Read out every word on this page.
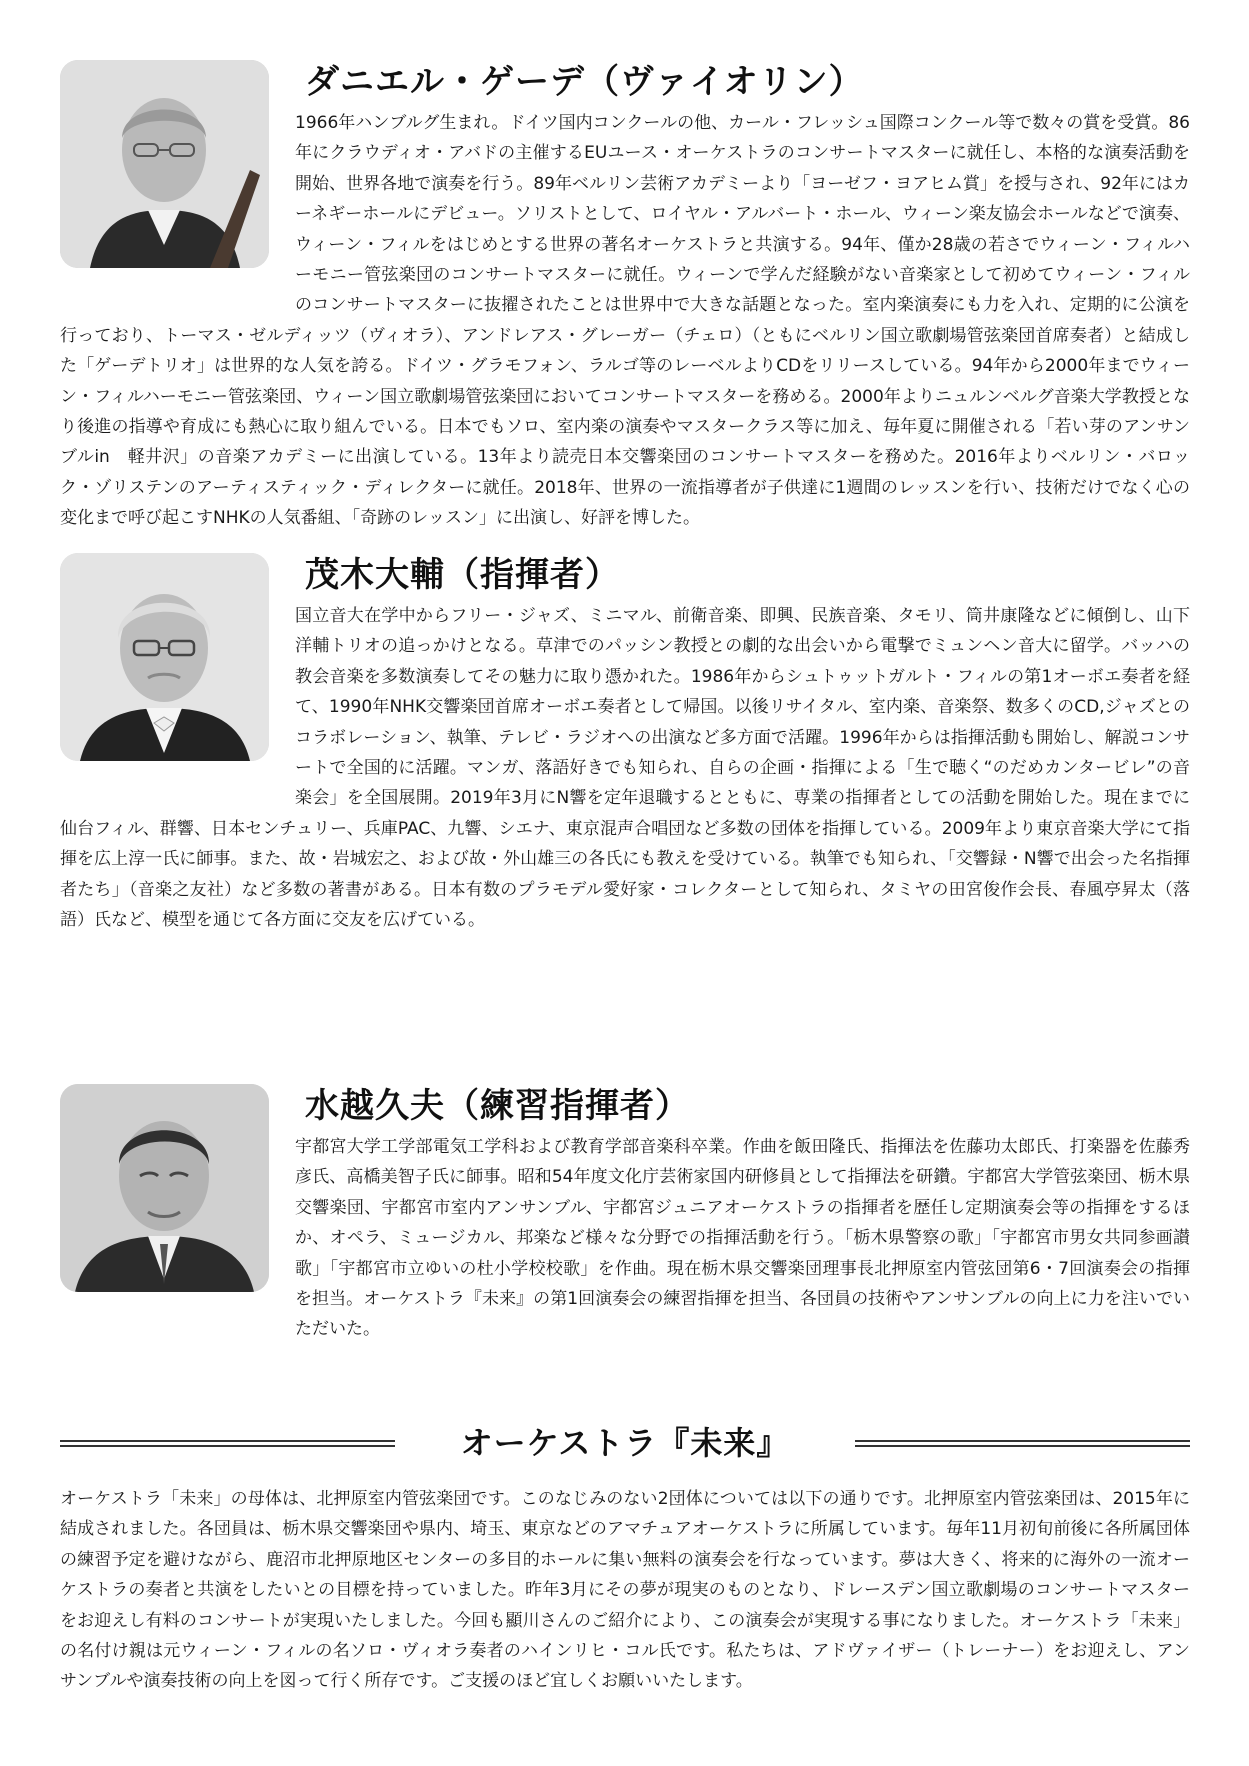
ダニエル・ゲーデ（ヴァイオリン）
1966年ハンブルグ生まれ。ドイツ国内コンクールの他、カール・フレッシュ国際コンクール等で数々の賞を受賞。86年にクラウディオ・アバドの主催するEUユース・オーケストラのコンサートマスターに就任し、本格的な演奏活動を開始、世界各地で演奏を行う。89年ベルリン芸術アカデミーより「ヨーゼフ・ヨアヒム賞」を授与され、92年にはカーネギーホールにデビュー。ソリストとして、ロイヤル・アルバート・ホール、ウィーン楽友協会ホールなどで演奏、ウィーン・フィルをはじめとする世界の著名オーケストラと共演する。94年、僅か28歳の若さでウィーン・フィルハーモニー管弦楽団のコンサートマスターに就任。ウィーンで学んだ経験がない音楽家として初めてウィーン・フィルのコンサートマスターに抜擢されたことは世界中で大きな話題となった。室内楽演奏にも力を入れ、定期的に公演を行っており、トーマス・ゼルディッツ（ヴィオラ）、アンドレアス・グレーガー（チェロ）（ともにベルリン国立歌劇場管弦楽団首席奏者）と結成した「ゲーデトリオ」は世界的な人気を誇る。ドイツ・グラモフォン、ラルゴ等のレーベルよりCDをリリースしている。94年から2000年までウィーン・フィルハーモニー管弦楽団、ウィーン国立歌劇場管弦楽団においてコンサートマスターを務める。2000年よりニュルンベルグ音楽大学教授となり後進の指導や育成にも熱心に取り組んでいる。日本でもソロ、室内楽の演奏やマスタークラス等に加え、毎年夏に開催される「若い芽のアンサンブルin　軽井沢」の音楽アカデミーに出演している。13年より読売日本交響楽団のコンサートマスターを務めた。2016年よりベルリン・バロック・ゾリステンのアーティスティック・ディレクターに就任。2018年、世界の一流指導者が子供達に1週間のレッスンを行い、技術だけでなく心の変化まで呼び起こすNHKの人気番組、「奇跡のレッスン」に出演し、好評を博した。
茂木大輔（指揮者）
国立音大在学中からフリー・ジャズ、ミニマル、前衛音楽、即興、民族音楽、タモリ、筒井康隆などに傾倒し、山下洋輔トリオの追っかけとなる。草津でのパッシン教授との劇的な出会いから電撃でミュンヘン音大に留学。バッハの教会音楽を多数演奏してその魅力に取り憑かれた。1986年からシュトゥットガルト・フィルの第1オーボエ奏者を経て、1990年NHK交響楽団首席オーボエ奏者として帰国。以後リサイタル、室内楽、音楽祭、数多くのCD,ジャズとのコラボレーション、執筆、テレビ・ラジオへの出演など多方面で活躍。1996年からは指揮活動も開始し、解説コンサートで全国的に活躍。マンガ、落語好きでも知られ、自らの企画・指揮による「生で聴く“のだめカンタービレ”の音楽会」を全国展開。2019年3月にN響を定年退職するとともに、専業の指揮者としての活動を開始した。現在までに仙台フィル、群響、日本センチュリー、兵庫PAC、九響、シエナ、東京混声合唱団など多数の団体を指揮している。2009年より東京音楽大学にて指揮を広上淳一氏に師事。また、故・岩城宏之、および故・外山雄三の各氏にも教えを受けている。執筆でも知られ、「交響録・N響で出会った名指揮者たち」（音楽之友社）など多数の著書がある。日本有数のプラモデル愛好家・コレクターとして知られ、タミヤの田宮俊作会長、春風亭昇太（落語）氏など、模型を通じて各方面に交友を広げている。
水越久夫（練習指揮者）
宇都宮大学工学部電気工学科および教育学部音楽科卒業。作曲を飯田隆氏、指揮法を佐藤功太郎氏、打楽器を佐藤秀彦氏、高橋美智子氏に師事。昭和54年度文化庁芸術家国内研修員として指揮法を研鑽。宇都宮大学管弦楽団、栃木県交響楽団、宇都宮市室内アンサンブル、宇都宮ジュニアオーケストラの指揮者を歴任し定期演奏会等の指揮をするほか、オペラ、ミュージカル、邦楽など様々な分野での指揮活動を行う。「栃木県警察の歌」「宇都宮市男女共同参画讃歌」「宇都宮市立ゆいの杜小学校校歌」を作曲。現在栃木県交響楽団理事長北押原室内管弦団第6・7回演奏会の指揮を担当。オーケストラ『未来』の第1回演奏会の練習指揮を担当、各団員の技術やアンサンブルの向上に力を注いでいただいた。
オーケストラ『未来』
オーケストラ「未来」の母体は、北押原室内管弦楽団です。このなじみのない2団体については以下の通りです。北押原室内管弦楽団は、2015年に結成されました。各団員は、栃木県交響楽団や県内、埼玉、東京などのアマチュアオーケストラに所属しています。毎年11月初旬前後に各所属団体の練習予定を避けながら、鹿沼市北押原地区センターの多目的ホールに集い無料の演奏会を行なっています。夢は大きく、将来的に海外の一流オーケストラの奏者と共演をしたいとの目標を持っていました。昨年3月にその夢が現実のものとなり、ドレースデン国立歌劇場のコンサートマスターをお迎えし有料のコンサートが実現いたしました。今回も顯川さんのご紹介により、この演奏会が実現する事になりました。オーケストラ「未来」の名付け親は元ウィーン・フィルの名ソロ・ヴィオラ奏者のハインリヒ・コル氏です。私たちは、アドヴァイザー（トレーナー）をお迎えし、アンサンブルや演奏技術の向上を図って行く所存です。ご支援のほど宜しくお願いいたします。
